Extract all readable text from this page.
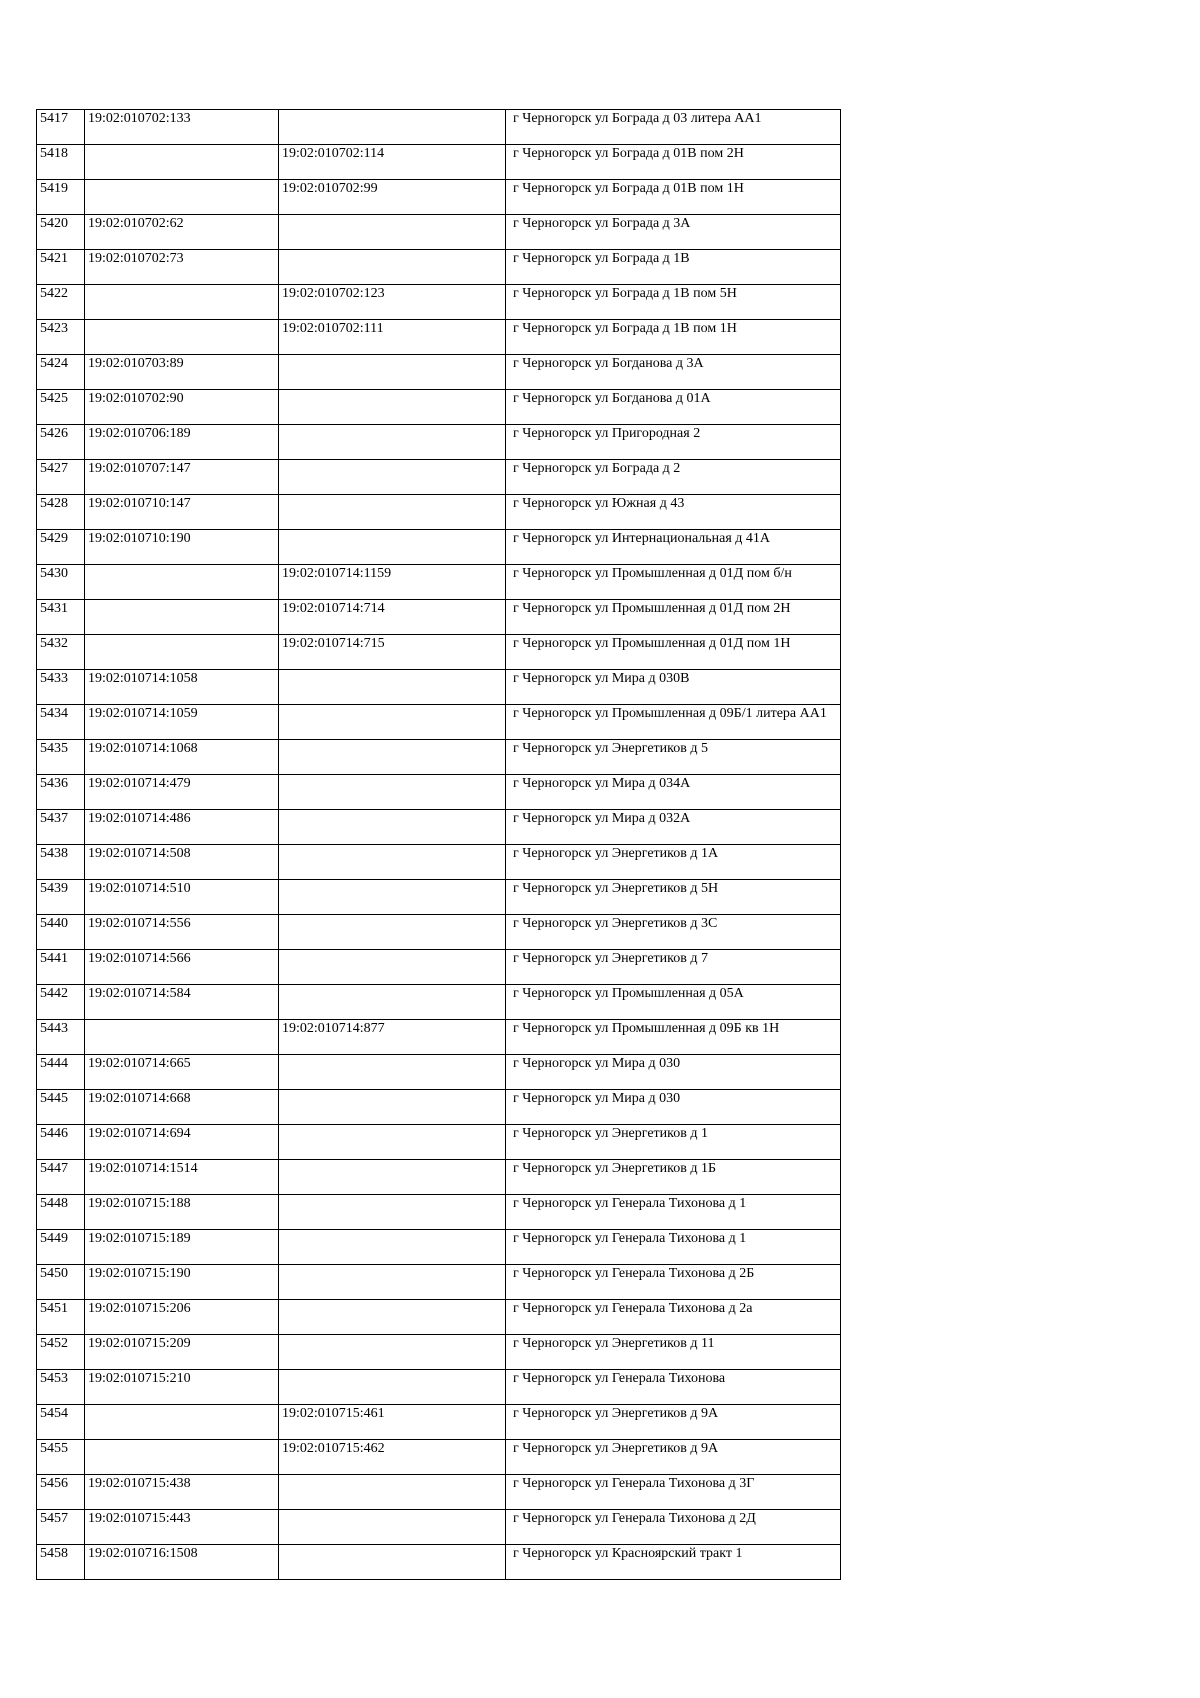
5417	19:02:010702:133		г Черногорск ул Бограда д 03 литера АА1

5418		19:02:010702:114	г Черногорск ул Бограда д 01В пом 2Н

5419		19:02:010702:99	г Черногорск ул Бограда д 01В пом 1Н

5420	19:02:010702:62		г Черногорск ул Бограда д 3А

5421	19:02:010702:73		г Черногорск ул Бограда д 1В

5422		19:02:010702:123	г Черногорск ул Бограда д 1В пом 5Н

5423		19:02:010702:111	г Черногорск ул Бограда д 1В пом 1Н

5424	19:02:010703:89		г Черногорск ул Богданова д 3А

5425	19:02:010702:90		г Черногорск ул Богданова д 01А

5426	19:02:010706:189		г Черногорск ул Пригородная 2

5427	19:02:010707:147		г Черногорск ул Бограда д 2

5428	19:02:010710:147		г Черногорск ул Южная д 43

5429	19:02:010710:190		г Черногорск ул Интернациональная д 41А

5430		19:02:010714:1159	г Черногорск ул Промышленная д 01Д пом б/н

5431		19:02:010714:714	г Черногорск ул Промышленная д 01Д пом 2Н

5432		19:02:010714:715	г Черногорск ул Промышленная д 01Д пом 1Н

5433	19:02:010714:1058		г Черногорск ул Мира д 030В

5434	19:02:010714:1059		г Черногорск ул Промышленная д 09Б/1 литера АА1

5435	19:02:010714:1068		г Черногорск ул Энергетиков д 5

5436	19:02:010714:479		г Черногорск ул Мира д 034А

5437	19:02:010714:486		г Черногорск ул Мира д 032А

5438	19:02:010714:508		г Черногорск ул Энергетиков д 1А

5439	19:02:010714:510		г Черногорск ул Энергетиков д 5Н

5440	19:02:010714:556		г Черногорск ул Энергетиков д 3С

5441	19:02:010714:566		г Черногорск ул Энергетиков д 7

5442	19:02:010714:584		г Черногорск ул Промышленная д 05А

5443		19:02:010714:877	г Черногорск ул Промышленная д 09Б кв 1Н

5444	19:02:010714:665		г Черногорск ул Мира д 030

5445	19:02:010714:668		г Черногорск ул Мира д 030

5446	19:02:010714:694		г Черногорск ул Энергетиков д 1

5447	19:02:010714:1514		г Черногорск ул Энергетиков д 1Б

5448	19:02:010715:188		г Черногорск ул Генерала Тихонова д 1

5449	19:02:010715:189		г Черногорск ул Генерала Тихонова д 1

5450	19:02:010715:190		г Черногорск ул Генерала Тихонова д 2Б

5451	19:02:010715:206		г Черногорск ул Генерала Тихонова д 2а

5452	19:02:010715:209		г Черногорск ул Энергетиков д 11

5453	19:02:010715:210		г Черногорск ул Генерала Тихонова

5454		19:02:010715:461	г Черногорск ул Энергетиков д 9А

5455		19:02:010715:462	г Черногорск ул Энергетиков д 9А

5456	19:02:010715:438		г Черногорск ул Генерала Тихонова д 3Г

5457	19:02:010715:443		г Черногорск ул Генерала Тихонова д 2Д

5458	19:02:010716:1508		г Черногорск ул Красноярский тракт 1
